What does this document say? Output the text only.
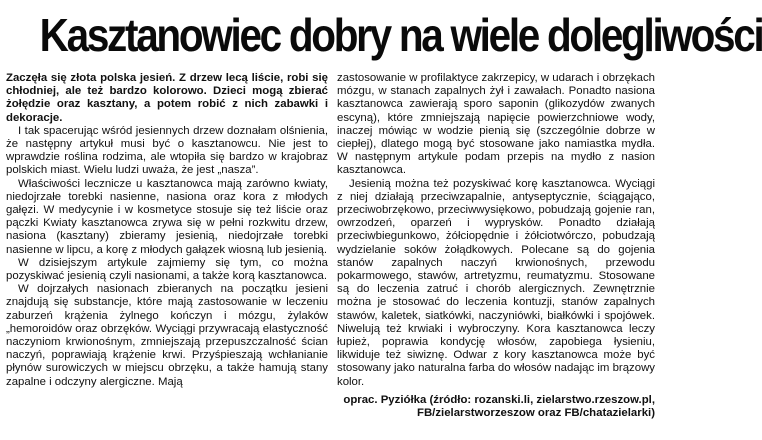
Kasztanowiec dobry na wiele dolegliwości

Zaczęła się złota polska jesień. Z drzew lecą liście, robi się chłodniej, ale też bardzo kolorowo. Dzieci mogą zbierać żołędzie oraz kasztany, a potem robić z nich zabawki i dekoracje.

I tak spacerując wśród jesiennych drzew doznałam olśnienia, że następny artykuł musi być o kasztanowcu. Nie jest to wprawdzie roślina rodzima, ale wtopiła się bardzo w krajobraz polskich miast. Wielu ludzi uważa, że jest „nasza”.

Właściwości lecznicze u kasztanowca mają zarówno kwiaty, niedojrzałe torebki nasienne, nasiona oraz kora z młodych gałęzi. W medycynie i w kosmetyce stosuje się też liście oraz pączki Kwiaty kasztanowca zrywa się w pełni rozkwitu drzew, nasiona (kasztany) zbieramy jesienią, niedojrzałe torebki nasienne w lipcu, a korę z młodych gałązek wiosną lub jesienią.

W dzisiejszym artykule zajmiemy się tym, co można pozyskiwać jesienią czyli nasionami, a także korą kasztanowca.

W dojrzałych nasionach zbieranych na początku jesieni znajdują się substancje, które mają zastosowanie w leczeniu zaburzeń krążenia żylnego kończyn i mózgu, żylaków „hemoroidów oraz obrzęków. Wyciągi przywracają elastyczność naczyniom krwionośnym, zmniejszają przepuszczalność ścian naczyń, poprawiają krążenie krwi. Przyśpieszają wchłanianie płynów surowiczych w miejscu obrzęku, a także hamują stany zapalne i odczyny alergiczne. Mają

zastosowanie w profilaktyce zakrzepicy, w udarach i obrzękach mózgu, w stanach zapalnych żył i zawałach. Ponadto nasiona kasztanowca zawierają sporo saponin (glikozydów zwanych escyną), które zmniejszają napięcie powierzchniowe wody, inaczej mówiąc w wodzie pienią się (szczególnie dobrze w ciepłej), dlatego mogą być stosowane jako namiastka mydła. W następnym artykule podam przepis na mydło z nasion kasztanowca.

Jesienią można też pozyskiwać korę kasztanowca. Wyciągi z niej działają przeciwzapalnie, antyseptycznie, ściągająco, przeciwobrzękowo, przeciwwysiękowo, pobudzają gojenie ran, owrzodzeń, oparzeń i wyprysków. Ponadto działają przeciwbiegunkowo, żółciopędnie i żółciotwórczo, pobudzają wydzielanie soków żołądkowych. Polecane są do gojenia stanów zapalnych naczyń krwionośnych, przewodu pokarmowego, stawów, artretyzmu, reumatyzmu. Stosowane są do leczenia zatruć i chorób alergicznych. Zewnętrznie można je stosować do leczenia kontuzji, stanów zapalnych stawów, kaletek, siatkówki, naczyniówki, białkówki i spojówek. Niwelują też krwiaki i wybroczyny. Kora kasztanowca leczy łupież, poprawia kondycję włosów, zapobiega łysieniu, likwiduje też siwiznę. Odwar z kory kasztanowca może być stosowany jako naturalna farba do włosów nadając im brązowy kolor.

oprac. Pyziółka (źródło: rozanski.li, zielarstwo.rzeszow.pl, FB/zielarstworzeszow oraz FB/chatazielarki)
